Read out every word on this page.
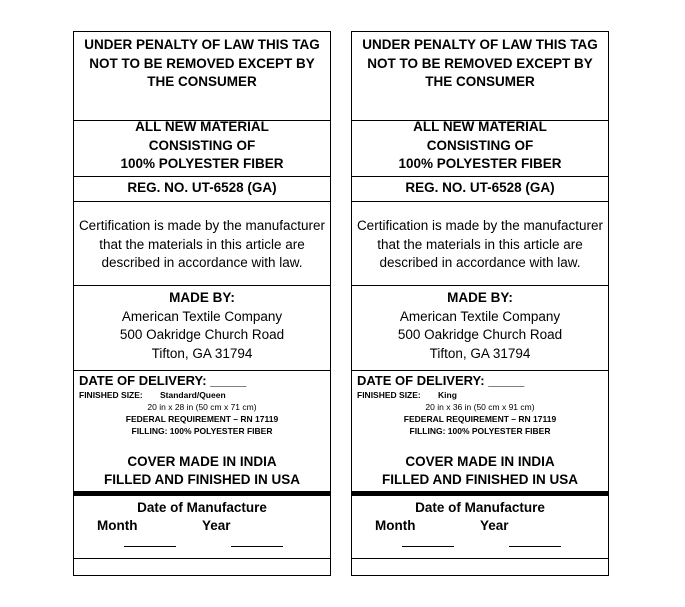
UNDER PENALTY OF LAW THIS TAG
NOT TO BE REMOVED EXCEPT BY
THE CONSUMER
ALL NEW MATERIAL
CONSISTING OF
100% POLYESTER FIBER
REG. NO. UT-6528 (GA)
Certification is made by the manufacturer
that the materials in this article are
described in accordance with law.
MADE BY:
American Textile Company
500 Oakridge Church Road
Tifton, GA 31794
DATE OF DELIVERY: _____
FINISHED SIZE: Standard/Queen
20 in x 28 in (50 cm x 71 cm)
FEDERAL REQUIREMENT – RN 17119
FILLING: 100% POLYESTER FIBER
COVER MADE IN INDIA
FILLED AND FINISHED IN USA
Date of Manufacture
Month	Year
UNDER PENALTY OF LAW THIS TAG
NOT TO BE REMOVED EXCEPT BY
THE CONSUMER
ALL NEW MATERIAL
CONSISTING OF
100% POLYESTER FIBER
REG. NO. UT-6528 (GA)
Certification is made by the manufacturer
that the materials in this article are
described in accordance with law.
MADE BY:
American Textile Company
500 Oakridge Church Road
Tifton, GA 31794
DATE OF DELIVERY: _____
FINISHED SIZE: King
20 in x 36 in (50 cm x 91 cm)
FEDERAL REQUIREMENT – RN 17119
FILLING: 100% POLYESTER FIBER
COVER MADE IN INDIA
FILLED AND FINISHED IN USA
Date of Manufacture
Month	Year
